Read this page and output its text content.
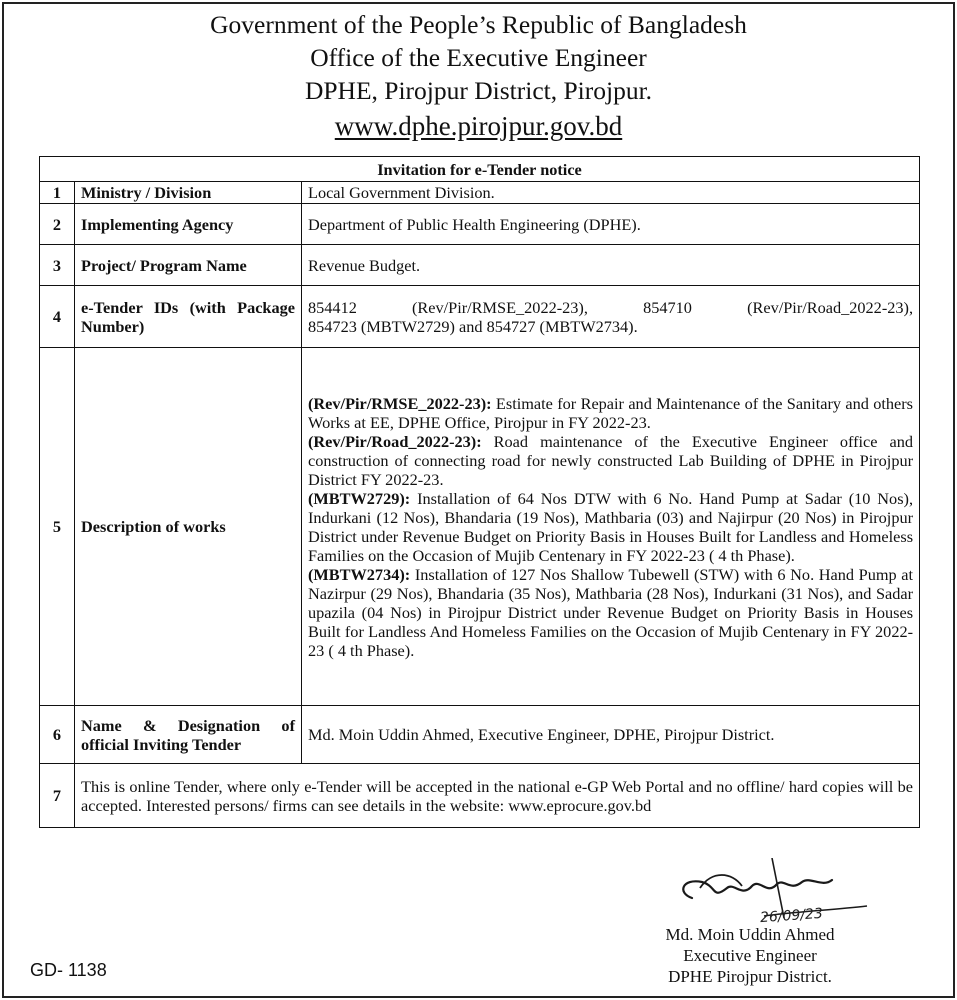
Government of the People’s Republic of Bangladesh
Office of the Executive Engineer
DPHE, Pirojpur District, Pirojpur.
www.dphe.pirojpur.gov.bd
Invitation for e-Tender notice		
1	Ministry / Division	Local Government Division.
2	Implementing Agency	Department of Public Health Engineering (DPHE).
3	Project/ Program Name	Revenue Budget.
4	e-Tender IDs (with Package Number)	854412 (Rev/Pir/RMSE_2022-23), 854710 (Rev/Pir/Road_2022-23),
854723 (MBTW2729) and 854727 (MBTW2734).

5	Description of works	(Rev/Pir/RMSE_2022-23): Estimate for Repair and Maintenance of the Sanitary and others Works at EE, DPHE Office, Pirojpur in FY 2022-23.
(Rev/Pir/Road_2022-23): Road maintenance of the Executive Engineer office and construction of connecting road for newly constructed Lab Building of DPHE in Pirojpur District FY 2022-23.
(MBTW2729): Installation of 64 Nos DTW with 6 No. Hand Pump at Sadar (10 Nos), Indurkani (12 Nos), Bhandaria (19 Nos), Mathbaria (03) and Najirpur (20 Nos) in Pirojpur District under Revenue Budget on Priority Basis in Houses Built for Landless and Homeless Families on the Occasion of Mujib Centenary in FY 2022-23 ( 4 th Phase).
(MBTW2734): Installation of 127 Nos Shallow Tubewell (STW) with 6 No. Hand Pump at Nazirpur (29 Nos), Bhandaria (35 Nos), Mathbaria (28 Nos), Indurkani (31 Nos), and Sadar upazila (04 Nos) in Pirojpur District under Revenue Budget on Priority Basis in Houses Built for Landless And Homeless Families on the Occasion of Mujib Centenary in FY 2022-23 ( 4 th Phase).

6	Name & Designation of official Inviting Tender	Md. Moin Uddin Ahmed, Executive Engineer, DPHE, Pirojpur District.
7	This is online Tender, where only e-Tender will be accepted in the national e-GP Web Portal and no offline/ hard copies will be accepted. Interested persons/ firms can see details in the website: www.eprocure.gov.bd	
26/09/23
Md. Moin Uddin Ahmed
Executive Engineer
DPHE Pirojpur District.
GD- 1138
